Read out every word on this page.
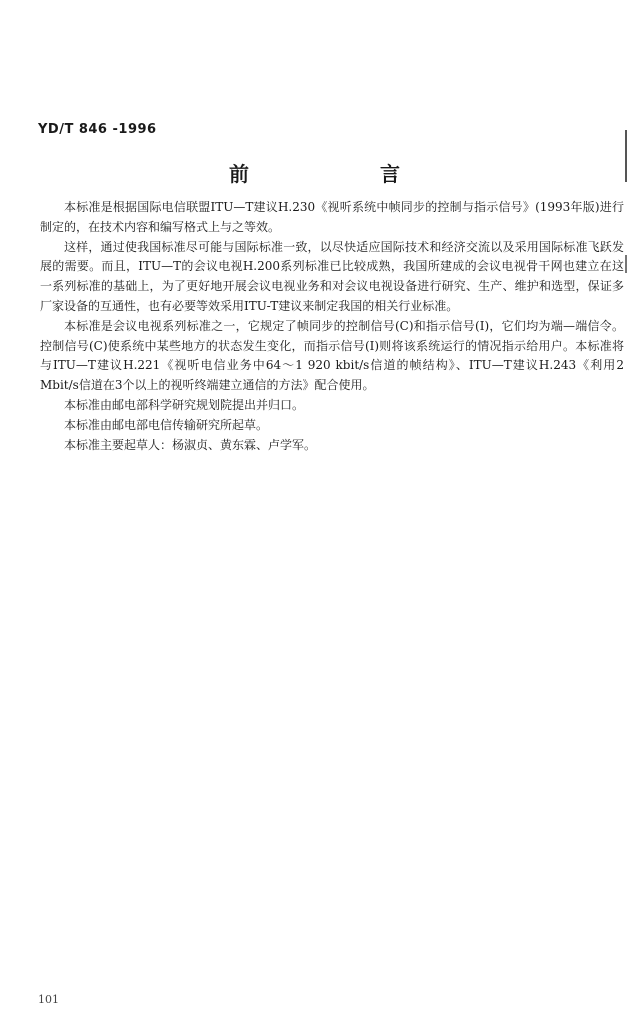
YD/T 846 -1996
前 言

本标准是根据国际电信联盟ITU—T建议H.230《视听系统中帧同步的控制与指示信号》(1993年版)进行制定的，在技术内容和编写格式上与之等效。

这样，通过使我国标准尽可能与国际标准一致，以尽快适应国际技术和经济交流以及采用国际标准飞跃发展的需要。而且，ITU—T的会议电视H.200系列标准已比较成熟，我国所建成的会议电视骨干网也建立在这一系列标准的基础上，为了更好地开展会议电视业务和对会议电视设备进行研究、生产、维护和选型，保证多厂家设备的互通性，也有必要等效采用ITU-T建议来制定我国的相关行业标准。

本标准是会议电视系列标准之一，它规定了帧同步的控制信号(C)和指示信号(I)，它们均为端—端信令。控制信号(C)使系统中某些地方的状态发生变化，而指示信号(I)则将该系统运行的情况指示给用户。本标准将与ITU—T建议H.221《视听电信业务中64～1 920 kbit/s信道的帧结构》、ITU—T建议H.243《利用2 Mbit/s信道在3个以上的视听终端建立通信的方法》配合使用。

本标准由邮电部科学研究规划院提出并归口。

本标准由邮电部电信传输研究所起草。

本标准主要起草人：杨淑贞、黄东霖、卢学军。

101
